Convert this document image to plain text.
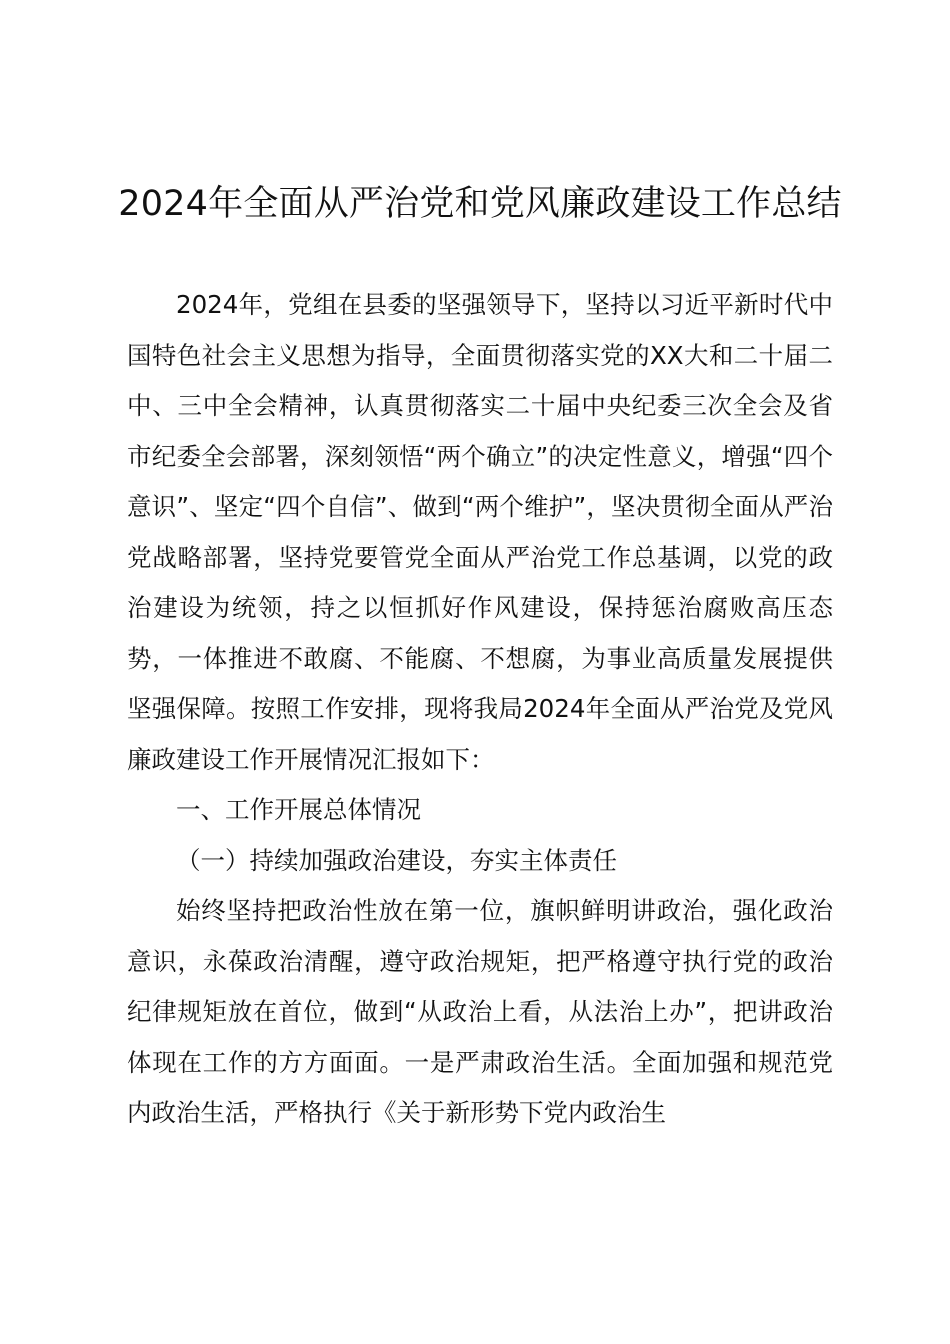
2024年全面从严治党和党风廉政建设工作总结

2024年，党组在县委的坚强领导下，坚持以习近平新时代中国特色社会主义思想为指导，全面贯彻落实党的XX大和二十届二中、三中全会精神，认真贯彻落实二十届中央纪委三次全会及省市纪委全会部署，深刻领悟“两个确立”的决定性意义，增强“四个意识”、坚定“四个自信”、做到“两个维护”，坚决贯彻全面从严治党战略部署，坚持党要管党全面从严治党工作总基调，以党的政治建设为统领，持之以恒抓好作风建设，保持惩治腐败高压态势，一体推进不敢腐、不能腐、不想腐，为事业高质量发展提供坚强保障。按照工作安排，现将我局2024年全面从严治党及党风廉政建设工作开展情况汇报如下：

一、工作开展总体情况

（一）持续加强政治建设，夯实主体责任

始终坚持把政治性放在第一位，旗帜鲜明讲政治，强化政治意识，永葆政治清醒，遵守政治规矩，把严格遵守执行党的政治纪律规矩放在首位，做到“从政治上看，从法治上办”，把讲政治体现在工作的方方面面。一是严肃政治生活。全面加强和规范党内政治生活，严格执行《关于新形势下党内政治生
